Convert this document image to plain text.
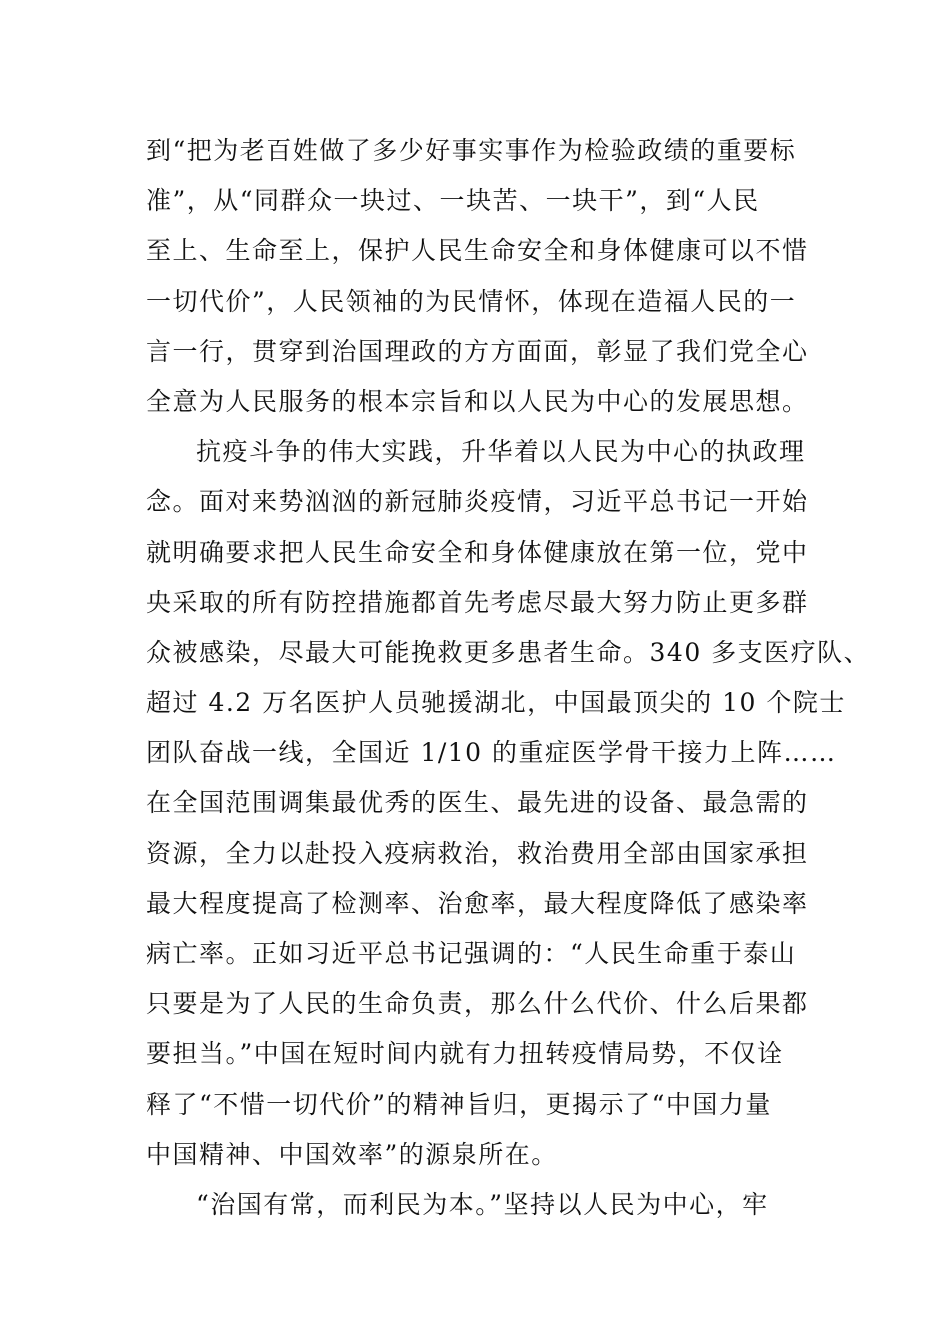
到“把为老百姓做了多少好事实事作为检验政绩的重要标
准”，从“同群众一块过、一块苦、一块干”，到“人民
至上、生命至上，保护人民生命安全和身体健康可以不惜
一切代价”，人民领袖的为民情怀，体现在造福人民的一
言一行，贯穿到治国理政的方方面面，彰显了我们党全心
全意为人民服务的根本宗旨和以人民为中心的发展思想。
抗疫斗争的伟大实践，升华着以人民为中心的执政理
念。面对来势汹汹的新冠肺炎疫情，习近平总书记一开始
就明确要求把人民生命安全和身体健康放在第一位，党中
央采取的所有防控措施都首先考虑尽最大努力防止更多群
众被感染，尽最大可能挽救更多患者生命。340 多支医疗队、
超过 4.2 万名医护人员驰援湖北，中国最顶尖的 10 个院士
团队奋战一线，全国近 1/10 的重症医学骨干接力上阵……
在全国范围调集最优秀的医生、最先进的设备、最急需的
资源，全力以赴投入疫病救治，救治费用全部由国家承担
最大程度提高了检测率、治愈率，最大程度降低了感染率
病亡率。正如习近平总书记强调的：“人民生命重于泰山
只要是为了人民的生命负责，那么什么代价、什么后果都
要担当。”中国在短时间内就有力扭转疫情局势，不仅诠
释了“不惜一切代价”的精神旨归，更揭示了“中国力量
中国精神、中国效率”的源泉所在。
“治国有常，而利民为本。”坚持以人民为中心，牢
